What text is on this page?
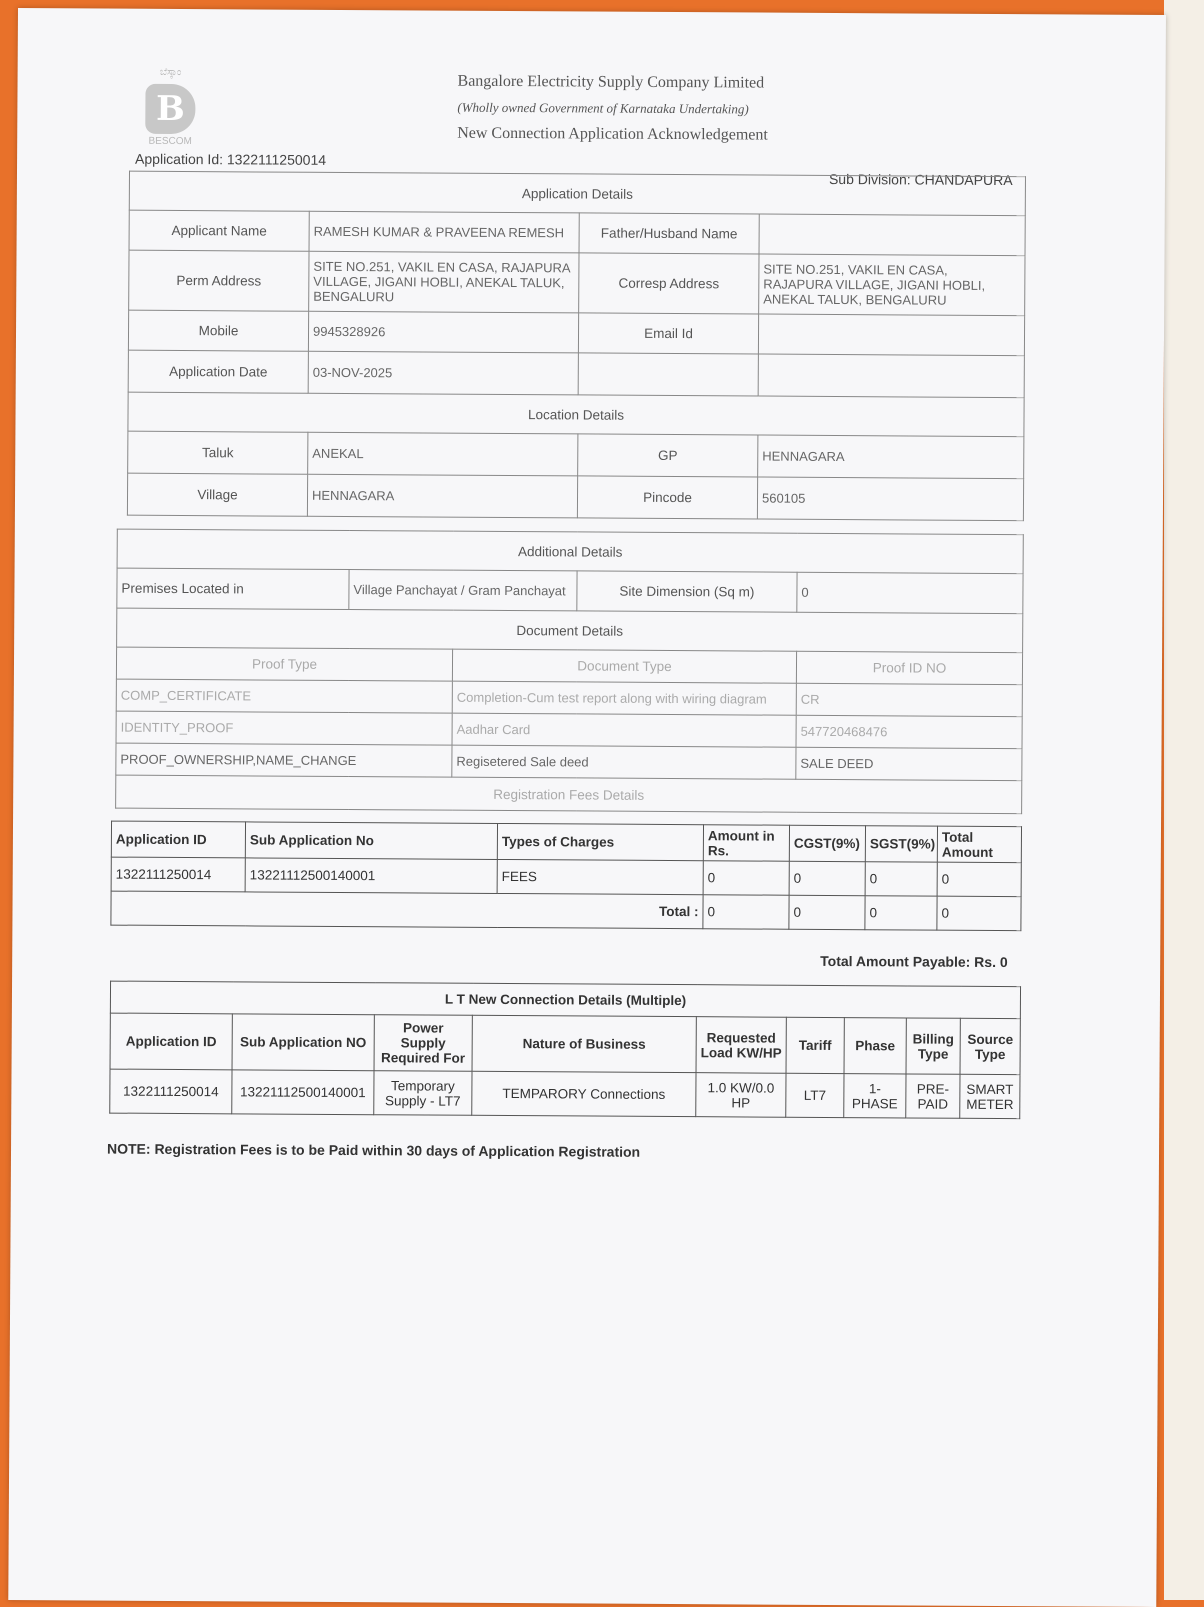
ಬೆಸ್ಕಾಂ
B
BESCOM
Bangalore Electricity Supply Company Limited
(Wholly owned Government of Karnataka Undertaking)
New Connection Application Acknowledgement
Application Id: 1322111250014
Sub Division: CHANDAPURA
Application Details			
Applicant Name	RAMESH KUMAR & PRAVEENA REMESH	Father/Husband Name	
Perm Address	SITE NO.251, VAKIL EN CASA, RAJAPURA VILLAGE, JIGANI HOBLI, ANEKAL TALUK, BENGALURU	Corresp Address	SITE NO.251, VAKIL EN CASA, RAJAPURA VILLAGE, JIGANI HOBLI, ANEKAL TALUK, BENGALURU
Mobile	9945328926	Email Id	
Application Date	03-NOV-2025		
Location Details			
Taluk	ANEKAL	GP	HENNAGARA
Village	HENNAGARA	Pincode	560105
Additional Details				
Premises Located in	Village Panchayat / Gram Panchayat		Site Dimension (Sq m)	0
Document Details				
Proof Type		Document Type		Proof ID NO
COMP_CERTIFICATE		Completion-Cum test report along with wiring diagram		CR
IDENTITY_PROOF		Aadhar Card		547720468476
PROOF_OWNERSHIP,NAME_CHANGE		Regisetered Sale deed		SALE DEED
Registration Fees Details				
Application ID	Sub Application No	Types of Charges	Amount in Rs.	CGST(9%)	SGST(9%)	Total Amount
1322111250014	13221112500140001	FEES	0	0	0	0
Total :			0	0	0	0
Total Amount Payable: Rs. 0
L T New Connection Details (Multiple)								
Application ID	Sub Application NO	Power Supply Required For	Nature of Business	Requested Load KW/HP	Tariff	Phase	Billing Type	Source Type
1322111250014	13221112500140001	Temporary Supply - LT7	TEMPARORY Connections	1.0 KW/0.0 HP	LT7	1-PHASE	PRE-PAID	SMART METER
NOTE: Registration Fees is to be Paid within 30 days of Application Registration
